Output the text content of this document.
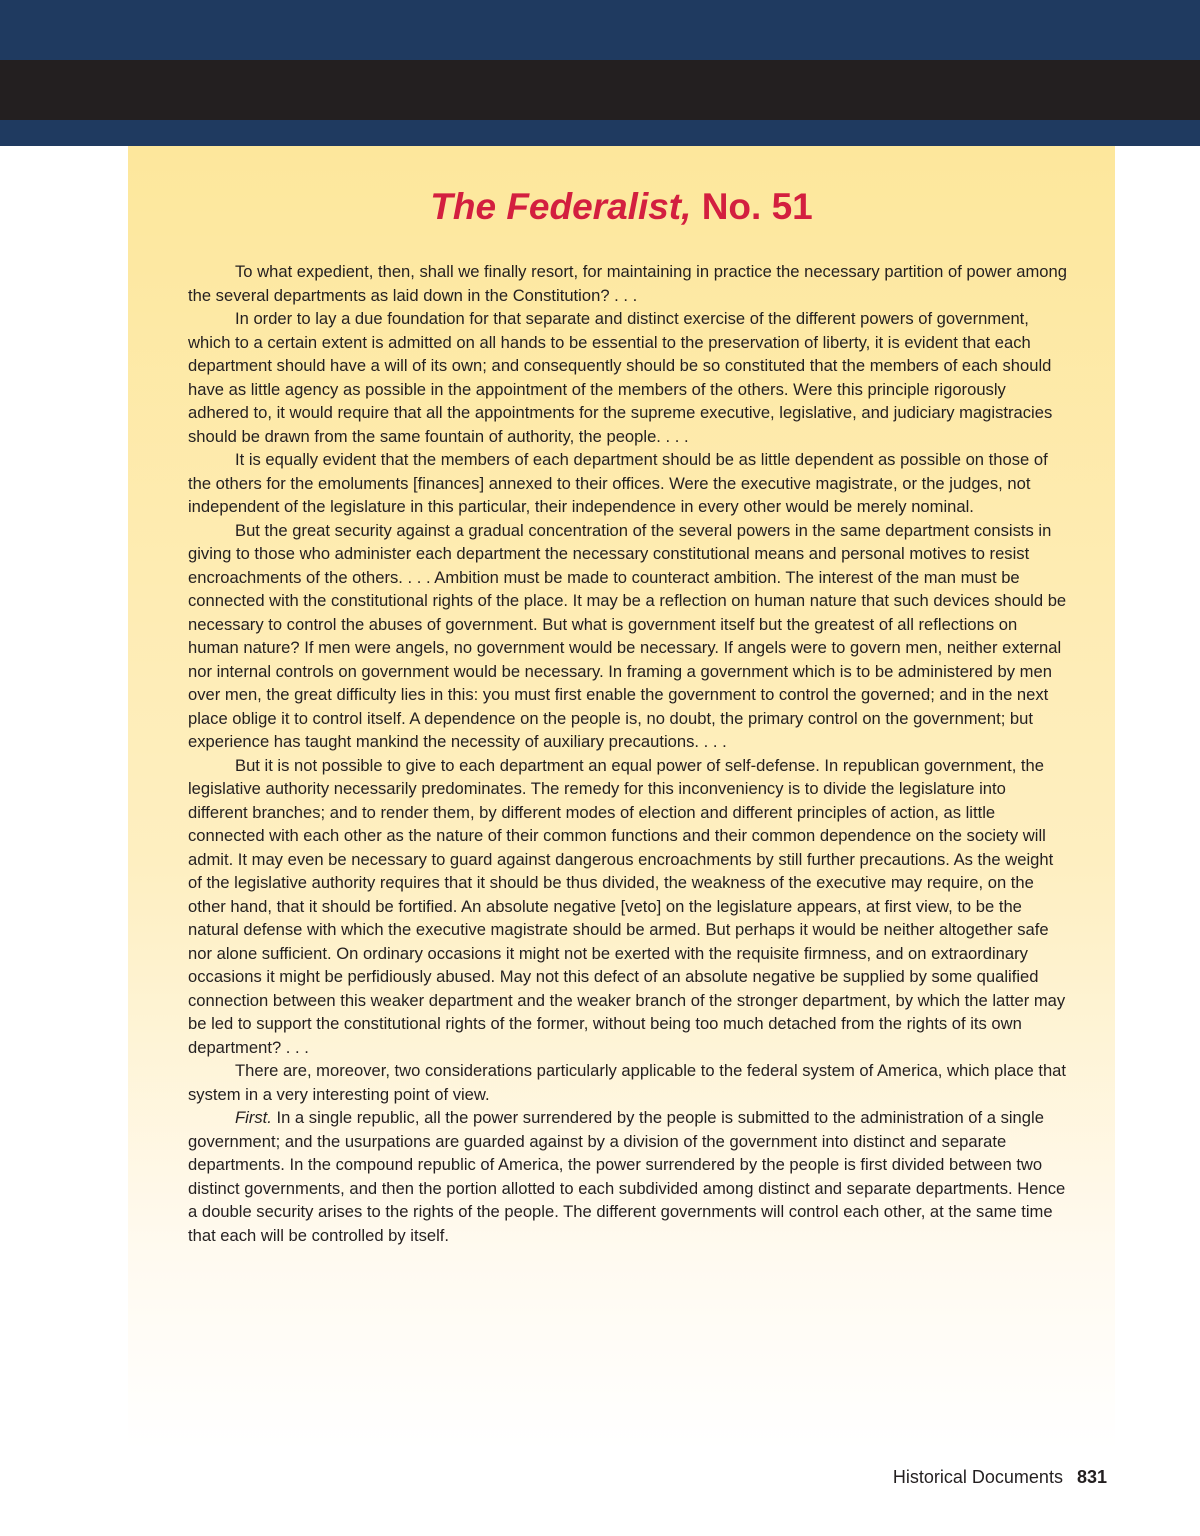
The Federalist, No. 51

To what expedient, then, shall we finally resort, for maintaining in practice the necessary partition of power among the several departments as laid down in the Constitution? . . .

In order to lay a due foundation for that separate and distinct exercise of the different powers of government, which to a certain extent is admitted on all hands to be essential to the preservation of liberty, it is evident that each department should have a will of its own; and consequently should be so constituted that the members of each should have as little agency as possible in the appointment of the members of the others. Were this principle rigorously adhered to, it would require that all the appointments for the supreme executive, legislative, and judiciary magistracies should be drawn from the same fountain of authority, the people. . . .

It is equally evident that the members of each department should be as little dependent as possible on those of the others for the emoluments [finances] annexed to their offices. Were the executive magistrate, or the judges, not independent of the legislature in this particular, their independence in every other would be merely nominal.

But the great security against a gradual concentration of the several powers in the same department consists in giving to those who administer each department the necessary constitutional means and personal motives to resist encroachments of the others. . . . Ambition must be made to counteract ambition. The interest of the man must be connected with the constitutional rights of the place. It may be a reflection on human nature that such devices should be necessary to control the abuses of government. But what is government itself but the greatest of all reflections on human nature? If men were angels, no government would be necessary. If angels were to govern men, neither external nor internal controls on government would be necessary. In framing a government which is to be administered by men over men, the great difficulty lies in this: you must first enable the government to control the governed; and in the next place oblige it to control itself. A dependence on the people is, no doubt, the primary control on the government; but experience has taught mankind the necessity of auxiliary precautions. . . .

But it is not possible to give to each department an equal power of self-defense. In republican government, the legislative authority necessarily predominates. The remedy for this inconveniency is to divide the legislature into different branches; and to render them, by different modes of election and different principles of action, as little connected with each other as the nature of their common functions and their common dependence on the society will admit. It may even be necessary to guard against dangerous encroachments by still further precautions. As the weight of the legislative authority requires that it should be thus divided, the weakness of the executive may require, on the other hand, that it should be fortified. An absolute negative [veto] on the legislature appears, at first view, to be the natural defense with which the executive magistrate should be armed. But perhaps it would be neither altogether safe nor alone sufficient. On ordinary occasions it might not be exerted with the requisite firmness, and on extraordinary occasions it might be perfidiously abused. May not this defect of an absolute negative be supplied by some qualified connection between this weaker department and the weaker branch of the stronger department, by which the latter may be led to support the constitutional rights of the former, without being too much detached from the rights of its own department? . . .

There are, moreover, two considerations particularly applicable to the federal system of America, which place that system in a very interesting point of view.

First. In a single republic, all the power surrendered by the people is submitted to the administration of a single government; and the usurpations are guarded against by a division of the government into distinct and separate departments. In the compound republic of America, the power surrendered by the people is first divided between two distinct governments, and then the portion allotted to each subdivided among distinct and separate departments. Hence a double security arises to the rights of the people. The different governments will control each other, at the same time that each will be controlled by itself.

Historical Documents 831
